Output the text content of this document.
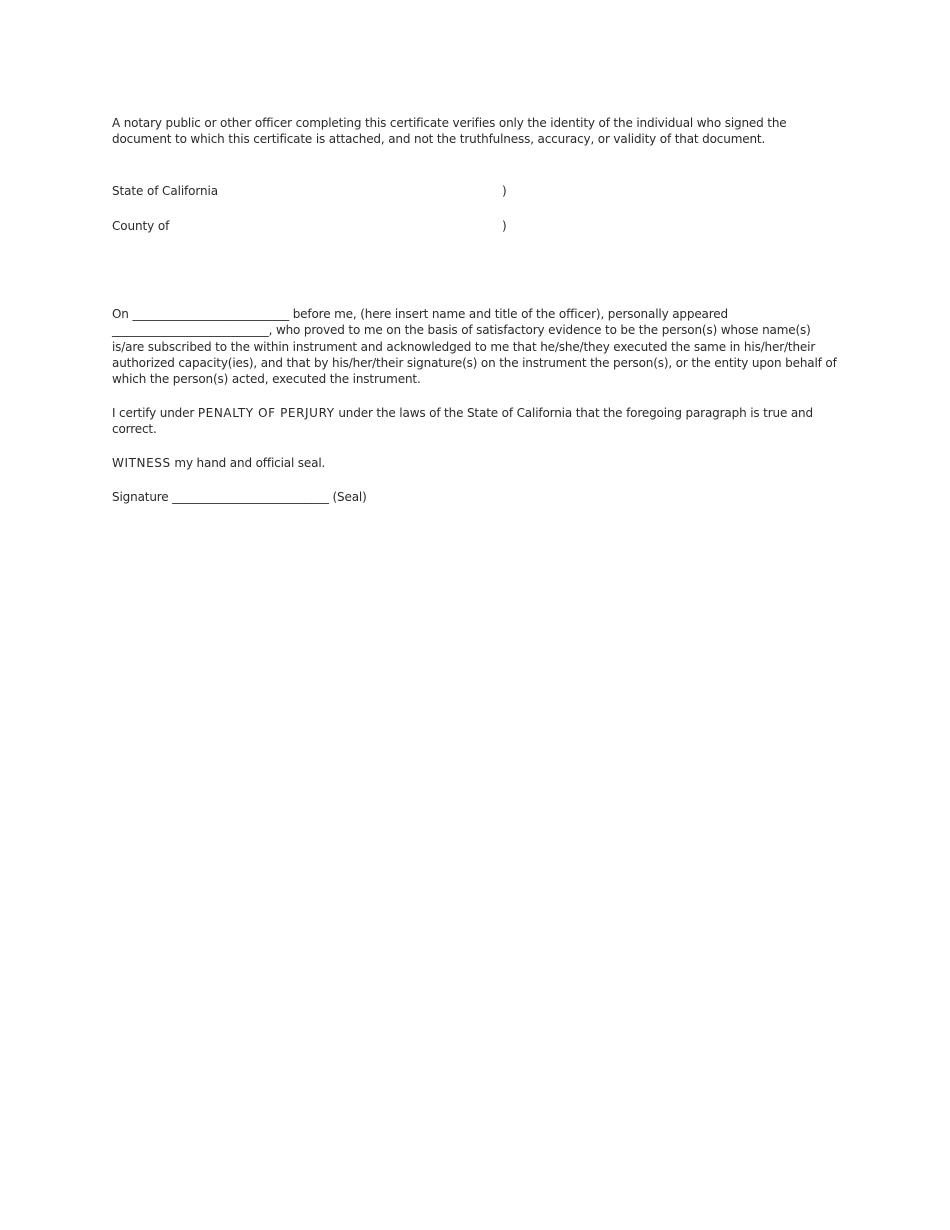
A notary public or other officer completing this certificate verifies only the identity of the individual who signed the document to which this certificate is attached, and not the truthfulness, accuracy, or validity of that document.
State of California	)
County of	)
On ___________________________ before me, (here insert name and title of the officer), personally appeared ___________________________, who proved to me on the basis of satisfactory evidence to be the person(s) whose name(s) is/are subscribed to the within instrument and acknowledged to me that he/she/they executed the same in his/her/their authorized capacity(ies), and that by his/her/their signature(s) on the instrument the person(s), or the entity upon behalf of which the person(s) acted, executed the instrument.
I certify under PENALTY OF PERJURY under the laws of the State of California that the foregoing paragraph is true and correct.
WITNESS my hand and official seal.
Signature ___________________________ (Seal)
